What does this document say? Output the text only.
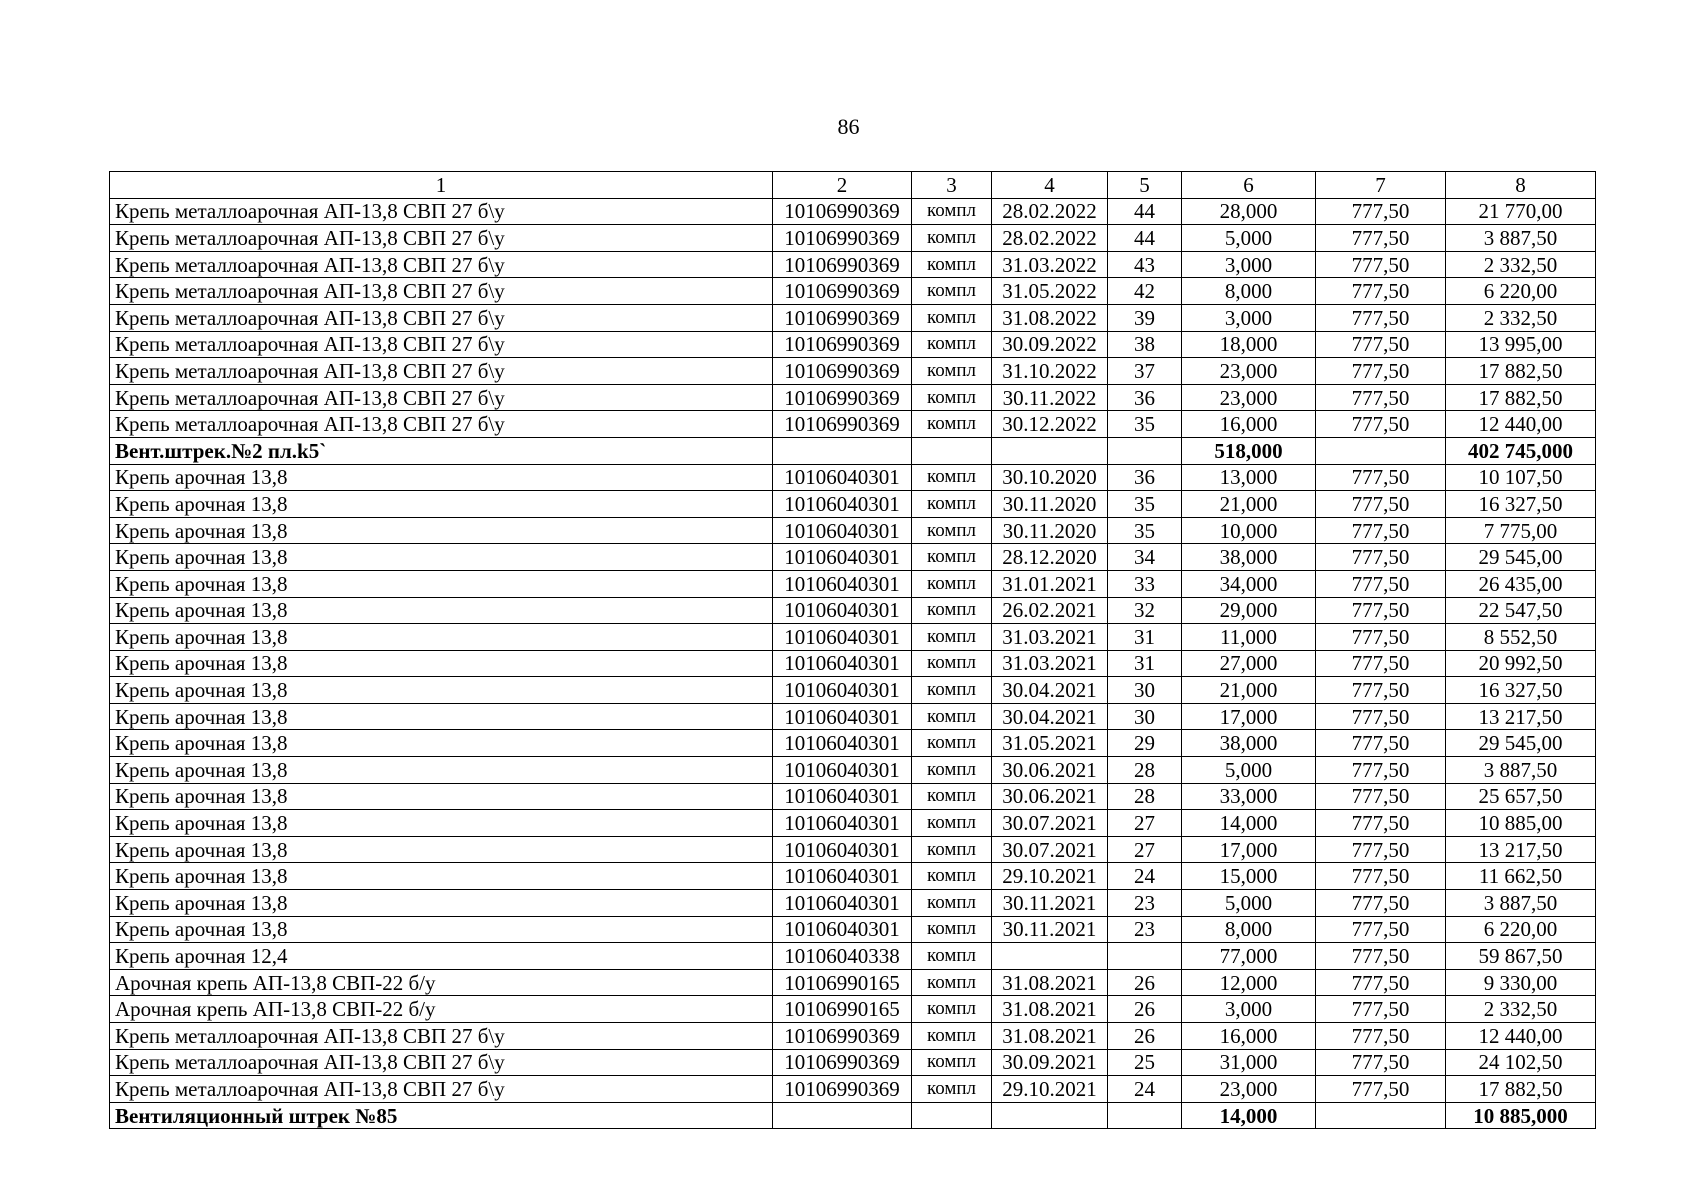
86
1	2	3	4	5	6	7	8
Крепь металлоарочная АП-13,8 СВП 27 б\у	10106990369	компл	28.02.2022	44	28,000	777,50	21 770,00
Крепь металлоарочная АП-13,8 СВП 27 б\у	10106990369	компл	28.02.2022	44	5,000	777,50	3 887,50
Крепь металлоарочная АП-13,8 СВП 27 б\у	10106990369	компл	31.03.2022	43	3,000	777,50	2 332,50
Крепь металлоарочная АП-13,8 СВП 27 б\у	10106990369	компл	31.05.2022	42	8,000	777,50	6 220,00
Крепь металлоарочная АП-13,8 СВП 27 б\у	10106990369	компл	31.08.2022	39	3,000	777,50	2 332,50
Крепь металлоарочная АП-13,8 СВП 27 б\у	10106990369	компл	30.09.2022	38	18,000	777,50	13 995,00
Крепь металлоарочная АП-13,8 СВП 27 б\у	10106990369	компл	31.10.2022	37	23,000	777,50	17 882,50
Крепь металлоарочная АП-13,8 СВП 27 б\у	10106990369	компл	30.11.2022	36	23,000	777,50	17 882,50
Крепь металлоарочная АП-13,8 СВП 27 б\у	10106990369	компл	30.12.2022	35	16,000	777,50	12 440,00
Вент.штрек.№2 пл.k5`					518,000		402 745,000
Крепь арочная 13,8	10106040301	компл	30.10.2020	36	13,000	777,50	10 107,50
Крепь арочная 13,8	10106040301	компл	30.11.2020	35	21,000	777,50	16 327,50
Крепь арочная 13,8	10106040301	компл	30.11.2020	35	10,000	777,50	7 775,00
Крепь арочная 13,8	10106040301	компл	28.12.2020	34	38,000	777,50	29 545,00
Крепь арочная 13,8	10106040301	компл	31.01.2021	33	34,000	777,50	26 435,00
Крепь арочная 13,8	10106040301	компл	26.02.2021	32	29,000	777,50	22 547,50
Крепь арочная 13,8	10106040301	компл	31.03.2021	31	11,000	777,50	8 552,50
Крепь арочная 13,8	10106040301	компл	31.03.2021	31	27,000	777,50	20 992,50
Крепь арочная 13,8	10106040301	компл	30.04.2021	30	21,000	777,50	16 327,50
Крепь арочная 13,8	10106040301	компл	30.04.2021	30	17,000	777,50	13 217,50
Крепь арочная 13,8	10106040301	компл	31.05.2021	29	38,000	777,50	29 545,00
Крепь арочная 13,8	10106040301	компл	30.06.2021	28	5,000	777,50	3 887,50
Крепь арочная 13,8	10106040301	компл	30.06.2021	28	33,000	777,50	25 657,50
Крепь арочная 13,8	10106040301	компл	30.07.2021	27	14,000	777,50	10 885,00
Крепь арочная 13,8	10106040301	компл	30.07.2021	27	17,000	777,50	13 217,50
Крепь арочная 13,8	10106040301	компл	29.10.2021	24	15,000	777,50	11 662,50
Крепь арочная 13,8	10106040301	компл	30.11.2021	23	5,000	777,50	3 887,50
Крепь арочная 13,8	10106040301	компл	30.11.2021	23	8,000	777,50	6 220,00
Крепь арочная 12,4	10106040338	компл			77,000	777,50	59 867,50
Арочная крепь АП-13,8 СВП-22 б/у	10106990165	компл	31.08.2021	26	12,000	777,50	9 330,00
Арочная крепь АП-13,8 СВП-22 б/у	10106990165	компл	31.08.2021	26	3,000	777,50	2 332,50
Крепь металлоарочная АП-13,8 СВП 27 б\у	10106990369	компл	31.08.2021	26	16,000	777,50	12 440,00
Крепь металлоарочная АП-13,8 СВП 27 б\у	10106990369	компл	30.09.2021	25	31,000	777,50	24 102,50
Крепь металлоарочная АП-13,8 СВП 27 б\у	10106990369	компл	29.10.2021	24	23,000	777,50	17 882,50
Вентиляционный штрек №85					14,000		10 885,000
